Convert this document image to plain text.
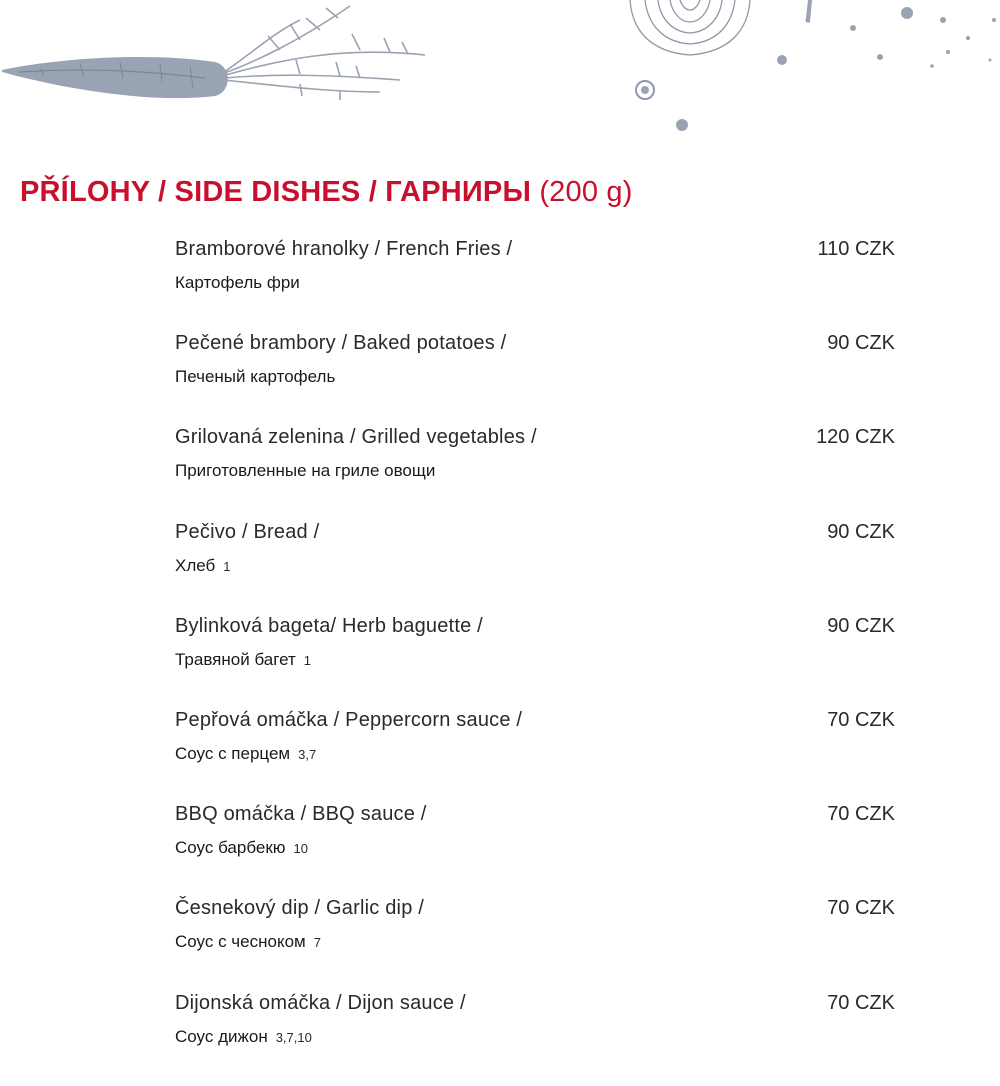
PŘÍLOHY / SIDE DISHES / ГАРНИРЫ (200 g)
Bramborové hranolky / French Fries /	110 CZK
Картофель фри
Pečené brambory / Baked potatoes /	90 CZK
Печеный картофель
Grilovaná zelenina / Grilled vegetables /	120 CZK
Приготовленные на гриле овощи
Pečivo / Bread /	90 CZK
Хлеб 1
Bylinková bageta/ Herb baguette /	90 CZK
Травяной багет 1
Pepřová omáčka / Peppercorn sauce /	70 CZK
Соус с перцем 3,7
BBQ omáčka / BBQ sauce /	70 CZK
Соус барбекю 10
Česnekový dip / Garlic dip /	70 CZK
Соус с чесноком 7
Dijonská omáčka / Dijon sauce /	70 CZK
Соус дижон 3,7,10
